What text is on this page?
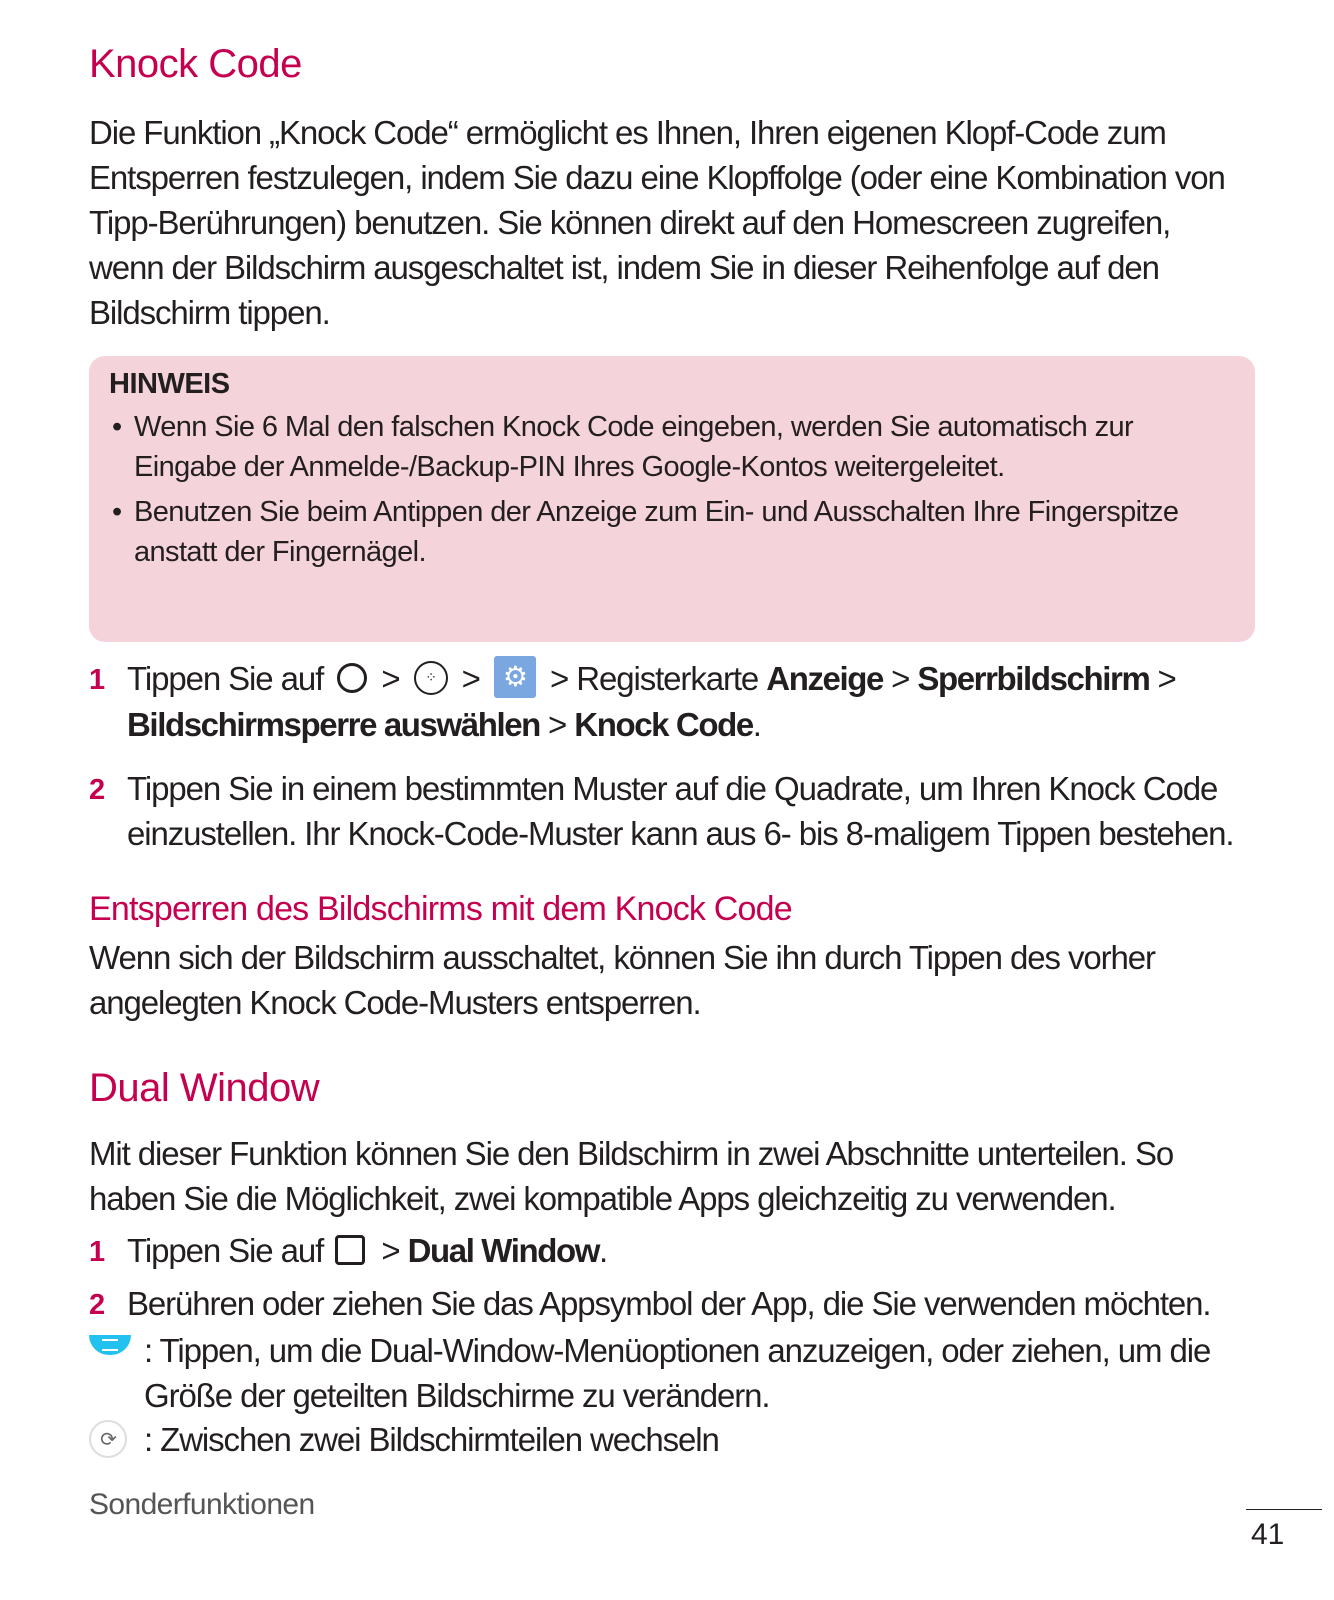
Knock Code

Die Funktion „Knock Code“ ermöglicht es Ihnen, Ihren eigenen Klopf-Code zum Entsperren festzulegen, indem Sie dazu eine Klopffolge (oder eine Kombination von Tipp-Berührungen) benutzen. Sie können direkt auf den Homescreen zugreifen, wenn der Bildschirm ausgeschaltet ist, indem Sie in dieser Reihenfolge auf den Bildschirm tippen.

HINWEIS

• Wenn Sie 6 Mal den falschen Knock Code eingeben, werden Sie automatisch zur Eingabe der Anmelde-/Backup-PIN Ihres Google-Kontos weitergeleitet.
• Benutzen Sie beim Antippen der Anzeige zum Ein- und Ausschalten Ihre Fingerspitze anstatt der Fingernägel.
1 Tippen Sie auf > ⁘ > ⚙ > Registerkarte Anzeige > Sperrbildschirm > Bildschirmsperre auswählen > Knock Code.
2 Tippen Sie in einem bestimmten Muster auf die Quadrate, um Ihren Knock Code einzustellen. Ihr Knock-Code-Muster kann aus 6- bis 8-maligem Tippen bestehen.
Entsperren des Bildschirms mit dem Knock Code

Wenn sich der Bildschirm ausschaltet, können Sie ihn durch Tippen des vorher angelegten Knock Code-Musters entsperren.

Dual Window

Mit dieser Funktion können Sie den Bildschirm in zwei Abschnitte unterteilen. So haben Sie die Möglichkeit, zwei kompatible Apps gleichzeitig zu verwenden.

1 Tippen Sie auf > Dual Window.
2 Berühren oder ziehen Sie das Appsymbol der App, die Sie verwenden möchten.
: Tippen, um die Dual-Window-Menüoptionen anzuzeigen, oder ziehen, um die Größe der geteilten Bildschirme zu verändern.
⟳ : Zwischen zwei Bildschirmteilen wechseln

Sonderfunktionen

41
